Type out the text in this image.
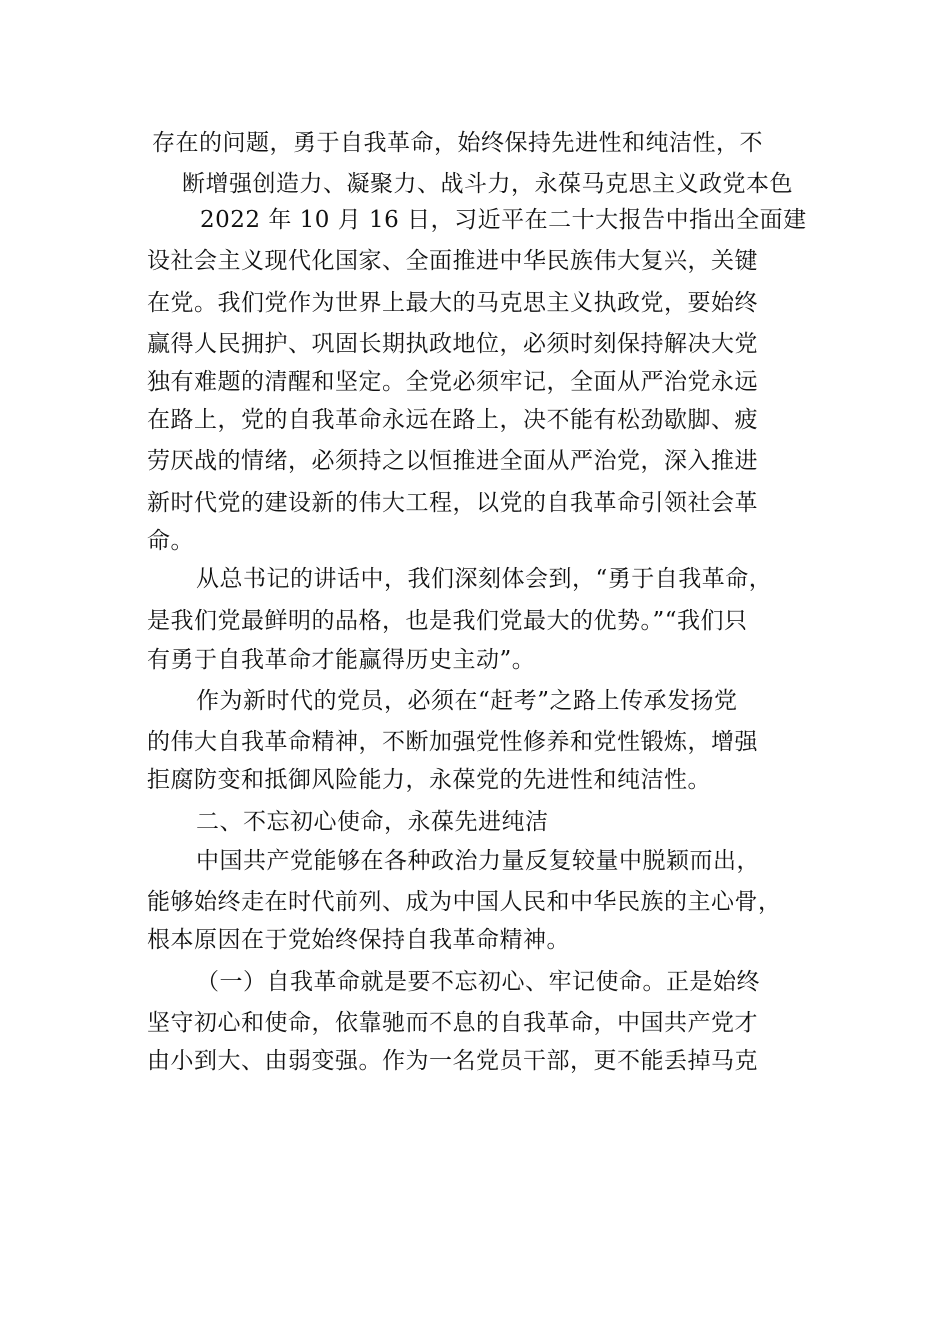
存在的问题，勇于自我革命，始终保持先进性和纯洁性，不
断增强创造力、凝聚力、战斗力，永葆马克思主义政党本色
2022 年 10 月 16 日，习近平在二十大报告中指出全面建
设社会主义现代化国家、全面推进中华民族伟大复兴，关键
在党。我们党作为世界上最大的马克思主义执政党，要始终
赢得人民拥护、巩固长期执政地位，必须时刻保持解决大党
独有难题的清醒和坚定。全党必须牢记，全面从严治党永远
在路上，党的自我革命永远在路上，决不能有松劲歇脚、疲
劳厌战的情绪，必须持之以恒推进全面从严治党，深入推进
新时代党的建设新的伟大工程，以党的自我革命引领社会革
命。
从总书记的讲话中，我们深刻体会到，“勇于自我革命，
是我们党最鲜明的品格，也是我们党最大的优势。”“我们只
有勇于自我革命才能赢得历史主动”。
作为新时代的党员，必须在“赶考”之路上传承发扬党
的伟大自我革命精神，不断加强党性修养和党性锻炼，增强
拒腐防变和抵御风险能力，永葆党的先进性和纯洁性。
二、不忘初心使命，永葆先进纯洁
中国共产党能够在各种政治力量反复较量中脱颖而出，
能够始终走在时代前列、成为中国人民和中华民族的主心骨，
根本原因在于党始终保持自我革命精神。
（一）自我革命就是要不忘初心、牢记使命。正是始终
坚守初心和使命，依靠驰而不息的自我革命，中国共产党才
由小到大、由弱变强。作为一名党员干部，更不能丢掉马克
